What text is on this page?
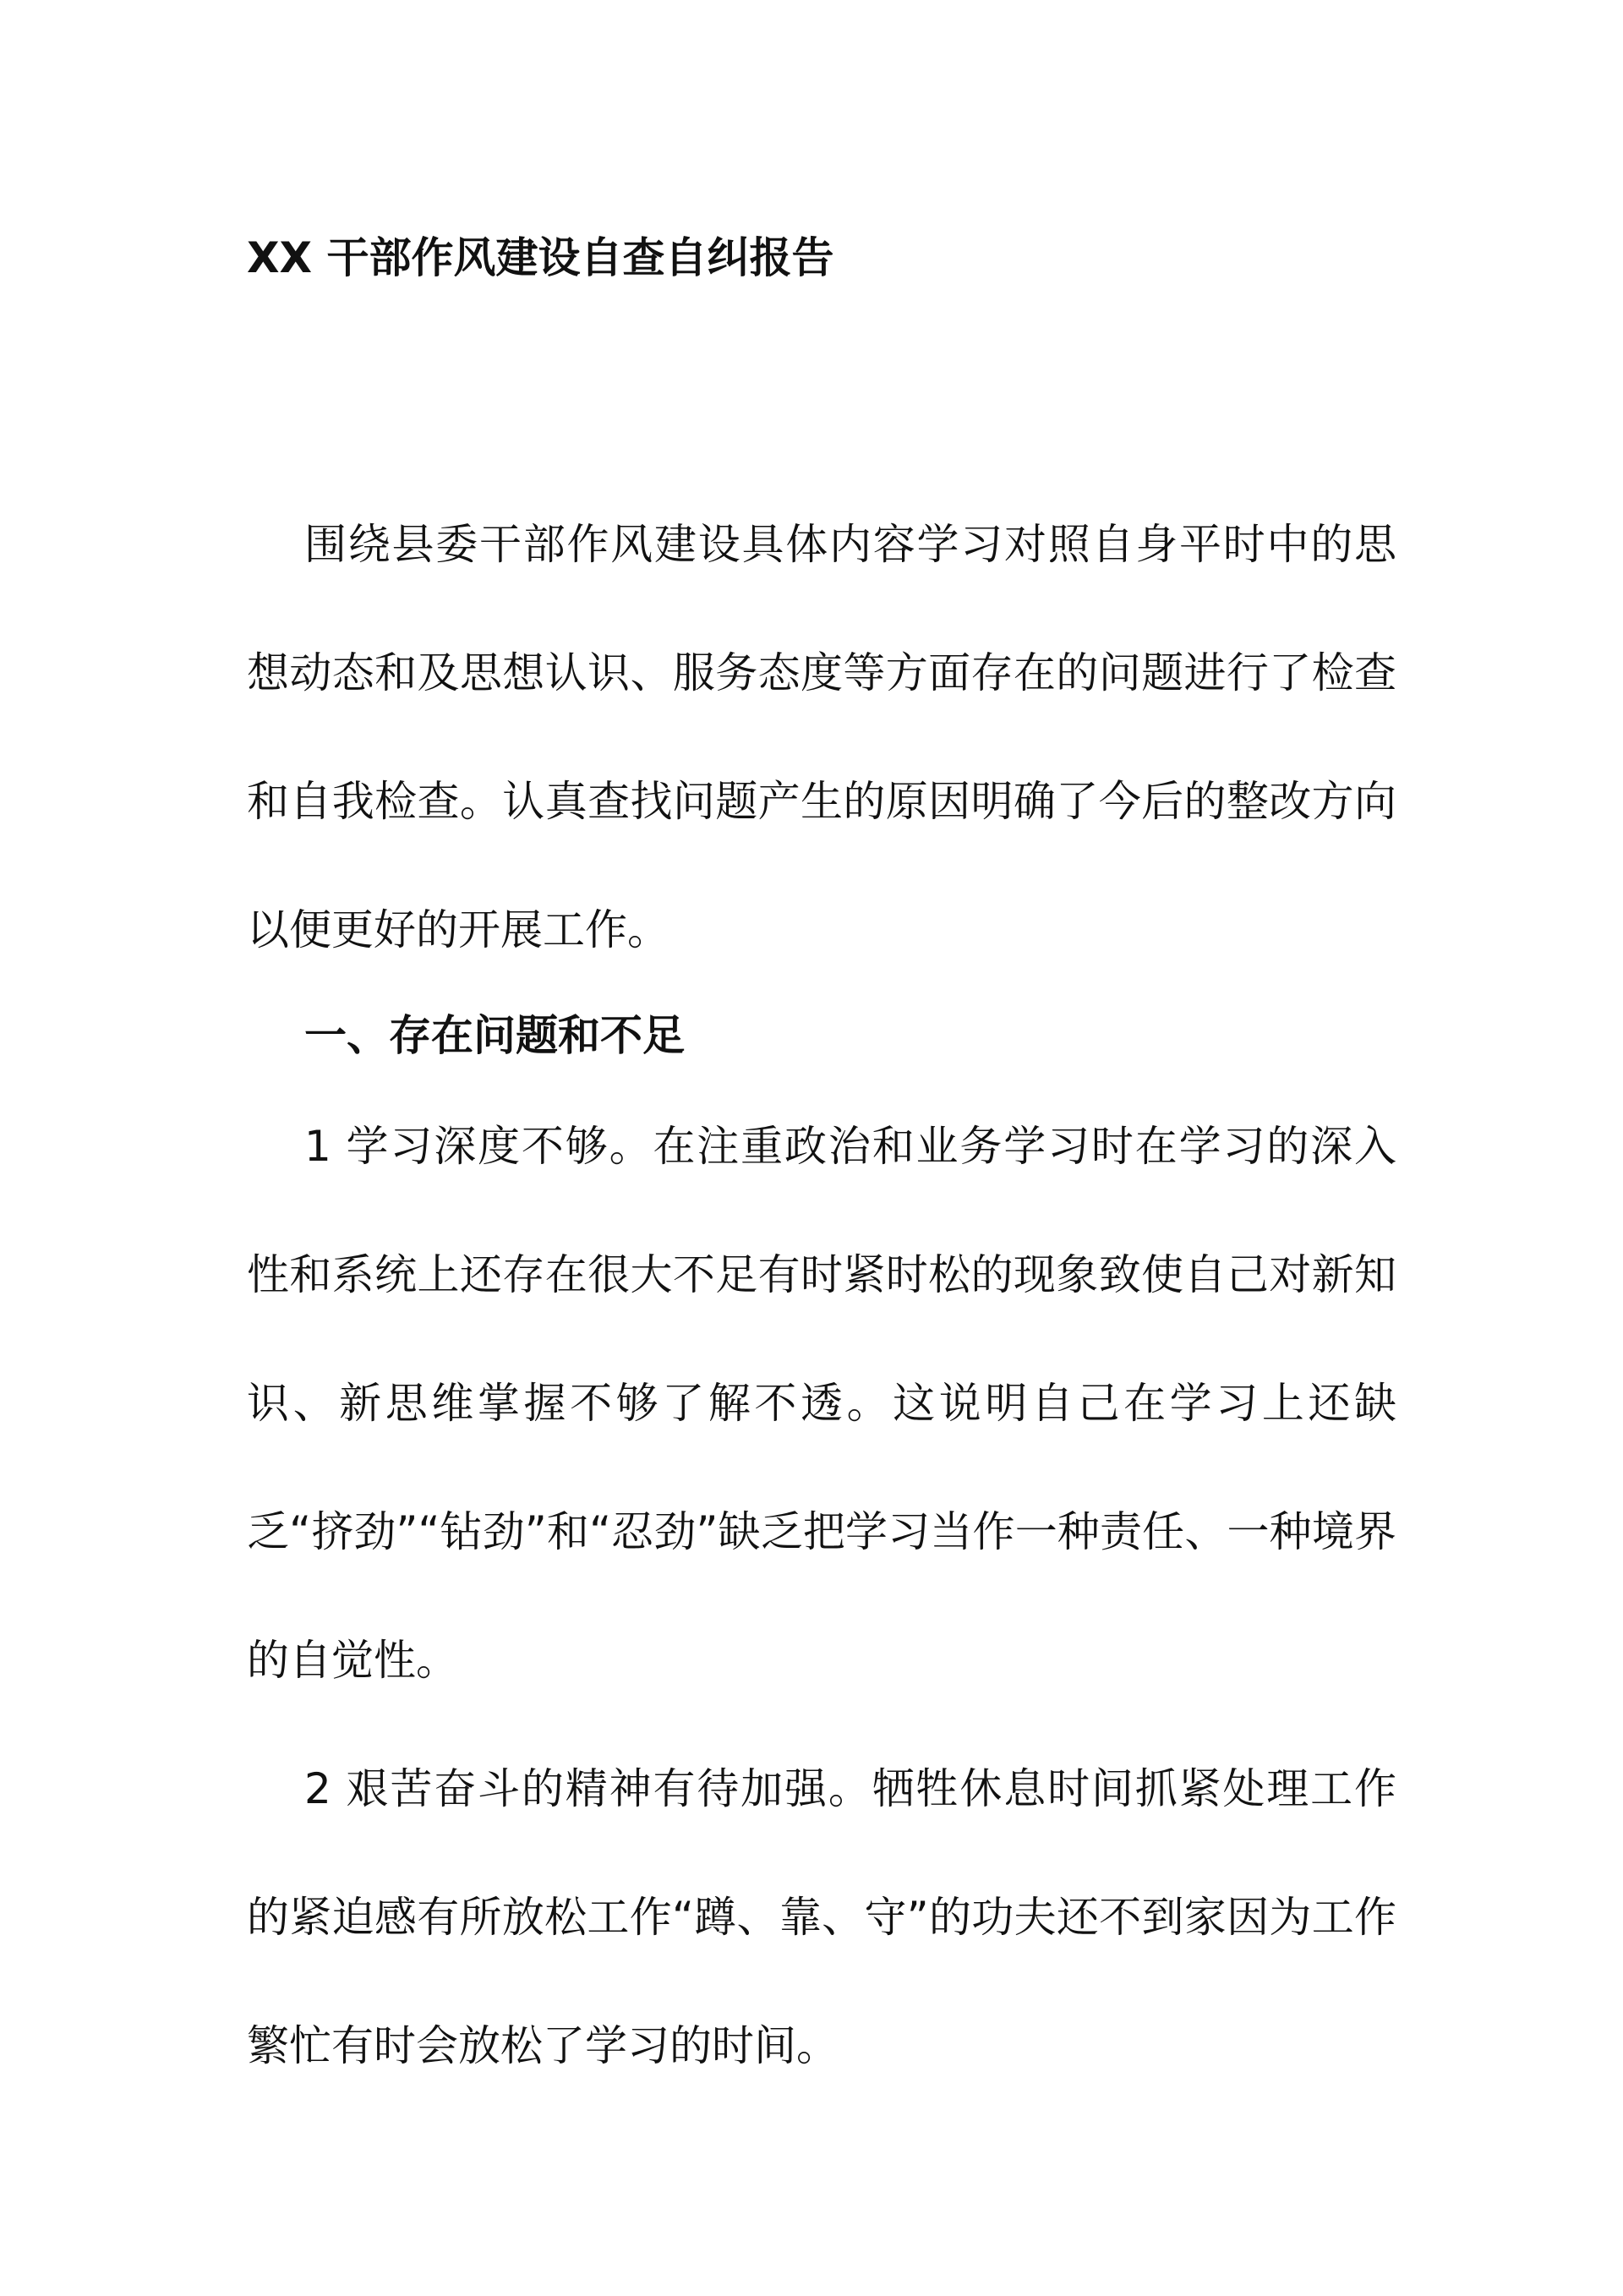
XX 干部作风建设自查自纠报告

围绕县委干部作风建设具体内容学习对照自身平时中的思想动态和及思想认识、服务态度等方面存在的问题进行了检查和自我检查。认真查找问题产生的原因明确了今后的整改方向以便更好的开展工作。

一、存在问题和不足

1 学习深度不够。在注重政治和业务学习时在学习的深入性和系统上还存在很大不足有时紧时松的现象致使自己对新知识、新思维掌握不够了解不透。这说明自己在学习上还缺乏“挤劲”“钻劲”和“忍劲”缺乏把学习当作一种责任、一种境界的自觉性。

2 艰苦奋斗的精神有待加强。牺牲休息时间抓紧处理工作的紧迫感有所放松工作“蹲、靠、守”的功夫还不到家因为工作繁忙有时会放松了学习的时间。
